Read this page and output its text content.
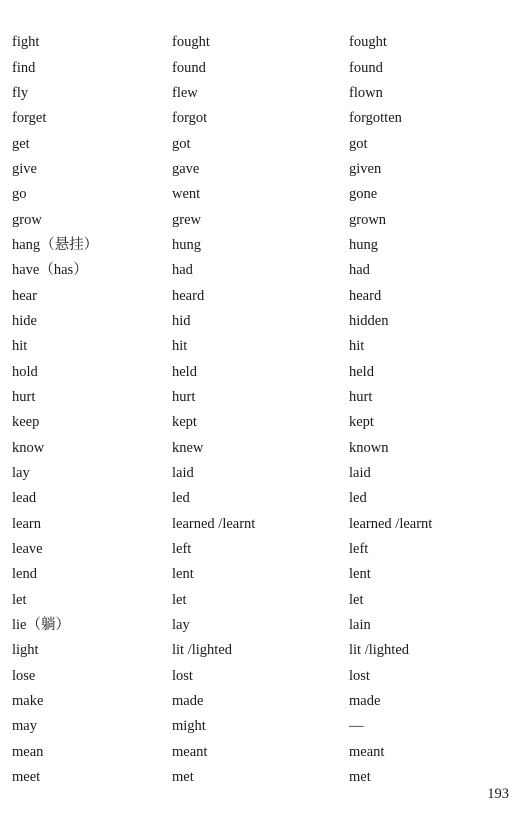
fight	fought	fought
find	found	found
fly	flew	flown
forget	forgot	forgotten
get	got	got
give	gave	given
go	went	gone
grow	grew	grown
hang（悬挂）	hung	hung
have（has）	had	had
hear	heard	heard
hide	hid	hidden
hit	hit	hit
hold	held	held
hurt	hurt	hurt
keep	kept	kept
know	knew	known
lay	laid	laid
lead	led	led
learn	learned /learnt	learned /learnt
leave	left	left
lend	lent	lent
let	let	let
lie（躺）	lay	lain
light	lit /lighted	lit /lighted
lose	lost	lost
make	made	made
may	might	—
mean	meant	meant
meet	met	met
193
